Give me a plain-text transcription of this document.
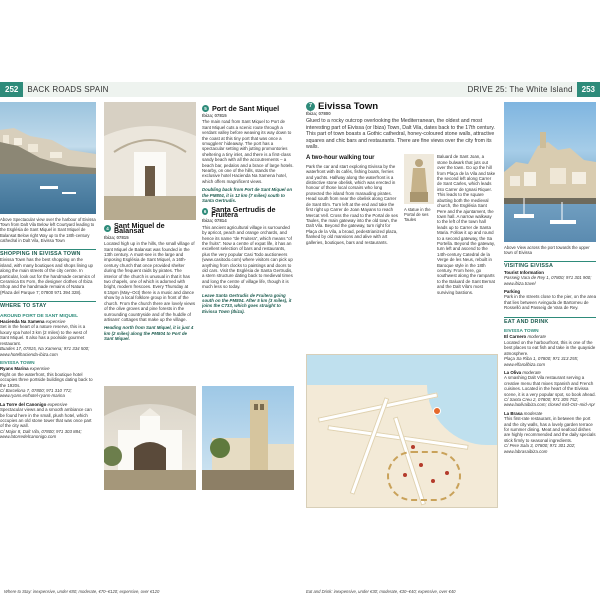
252 BACK ROADS SPAIN
Above Spectacular view over the harbour of Eivissa Town from Dalt Vila Below left Courtyard leading to the Església de Sant Miquel in Sant Miquel de Balansat Below right Way up to the 18th-century cathedral in Dalt Vila, Eivissa Town
SHOPPING IN EIVISSA TOWN
Eivissa Town has the best shopping on the island, with many boutiques and shops lining up along the main streets of the city centre. In particular, look out for the handmade ceramics of Ceramica Es Forn, the designer clothes of Ibiza Shop and the handmade remains of Natura (Plaza del Parque 7; 07800 971 394 328).
WHERE TO STAY
AROUND PORT DE SANT MIQUEL
Hacienda Na Xamena expensive
Set in the heart of a nature reserve, this is a luxury spa hotel 3 km (2 miles) to the west of Sant Miquel. It also has a poolside gourmet restaurant.
Buades 17, 07815, Na Xamena; 971 334 500; www.hotelhacienda-ibiza.com
EIVISSA TOWN
Ryans Marina expensive
Right on the waterfront, this boutique hotel occupies three portside buildings dating back to the 1920s.
C/ Barcelona 7, 07800; 971 310 772; www.ryans.es/hotel-ryans-marina
La Torre del Canonigo expensive
Spectacular views and a smooth ambiance can be found here in the small, plush hotel, which occupies an old stone tower that was once part of the city wall.
C/ Major 8, Dalt Vila, 07800; 971 303 884; www.latorredelcanonigo.com
4 Sant Miquel de Balansat
Ibiza; 07815
Located high up in the hills, the small village of Sant Miquel de Balansat was founded in the 13th century. A must-see is the large and imposing Església de Sant Miquel, a 16th-century church that once provided shelter during the frequent raids by pirates. The interior of the church is unusual in that it has two chapels, one of which is adorned with bright, modern frescoes. Every Thursday at 6:15pm (May–Oct) there is a music and dance show by a local folklore group in front of the church. From the church there are lovely views of the olive groves and pine forests in the surrounding countryside and of the huddle of artisans' cottages that make up the village.
Heading north from Sant Miquel, it is just 4 km (2 miles) along the PM804 to Port de Sant Miquel.
5 Port de Sant Miquel
Ibiza; 07815
The main road from Sant Miquel to Port de Sant Miquel cuts a scenic route through a verdant valley before weaving its way down to the coast at this tiny port that was once a smugglers' hideaway. The port has a spectacular setting with jutting promontories sheltering a tiny inlet, and there is a first-class sandy beach with all the accoutrements – a beach bar, pedalos and a brace of large hotels. Nearby, on one of the hills, stands the exclusive hotel Hacienda Na Xamena hotel, which offers magnificent views.
Doubling back from Port de Sant Miquel on the PM804, it is 12 km (7 miles) south to Santa Gertrudis.
6 Santa Gertrudis de Fruitera
Ibiza; 07814
This ancient agricultural village is surrounded by apricot, peach and orange orchards, and hence its name "de Fruitera", which means "of the fruits". Now a centre of expat life, it has an excellent selection of bars and restaurants, plus the very popular Casi Todo auctioneers (www.casitodo.com) where visitors can pick up anything from clocks to paintings and doors to old cars. Visit the Església de Santa Gertrudis, a stern structure dating back to medieval times and long the centre of village life, though it is much less so today.
Leave Santa Gertrudis de Fruitera going south on the PM804. After 5 km (3 miles), it joins the C733, which goes straight to Eivissa Town (Ibiza).
Where to Stay: inexpensive, under €80; moderate, €70–€120; expensive, over €120
DRIVE 25: The White Island 253
7 Eivissa Town
Ibiza; 07800
Glued to a rocky outcrop overlooking the Mediterranean, the oldest and most interesting part of Eivissa (or Ibiza) Town, Dalt Vila, dates back to the 17th century. This part of town boasts a Gothic cathedral, honey-coloured stone walls, attractive squares and chic bars and restaurants. There are fine views over the city from its walls.
A two-hour walking tour
Park the car and start exploring Eivissa by the waterfront with its cafés, fishing boats, ferries and yachts. Halfway along the waterfront is a distinctive stone obelisk, which was erected in honour of those local corsairs who long protected the island from marauding pirates. Head south from near the obelisk along Carrer de Sant Elm. Turn left at the end and take the first right up Carrer de Joan Mayans to reach Mercat Vell. Cross the road to the Portal de ses Taules, the main gateway into the old town, the Dalt Vila. Beyond the gateway, turn right for Plaça de la Vila, a broad, pedestrianized plaza, flanked by old mansions and alive with art galleries, boutiques, bars and restaurants.
A statue in the Portal de ses Taules
Baluard de Sant Joan, a stone bulwark that juts out over the town. Go up the hill from Plaça de la Vila and take the second left along Carrer de Sant Carles, which leads into Carrer de Ignasi Riquer. This leads to the square abutting both the medieval church, the Església Sant Pere and the ajuntament, the town hall. A narrow walkway to the left of the town hall leads up to Carrer de Santa Maria. Follow it up and round to a second gateway, the Sa Portella. Beyond the gateway, turn left and ascend to the 14th-century Catedral de la Verge de les Neus, rebuilt in Baroque style in the 18th century. From here, go southwest along the ramparts to the Baluard de Sant Bernat and the Dalt Vila's most surviving bastions.
Above View across the port towards the upper town of Eivissa
VISITING EIVISSA
Tourist Information
Passeig Vara de Rey 1, 07800; 971 301 900; www.ibiza.travel
Parking
Park in the streets close to the pier, on the area that lies between Avinguda de Bartomeu de Rosselló and Passeig de Vara de Rey.
EAT AND DRINK
EIVISSA TOWN
El Carnero moderate
Located on the harbourfront, this is one of the best places to eat fish and take in the quayside atmosphere.
Plaça Sa Riba 1, 07800; 971 313 255; www.elfarolibiza.com
La Oliva moderate
A smashing Dalt Vila restaurant serving a creative menu that mixes Spanish and French cuisines. Located in the heart of the Eivissa scene, it is a very popular spot, so book ahead.
C/ Santa Creu 2, 07800; 971 305 752; www.laolivaibiza.com; closed mid-Oct–mid-Apr
La Brasa moderate
This first-rate restaurant, in between the port and the city walls, has a lovely garden terrace for summer dining. Meat and seafood dishes are highly recommended and the daily specials stick firmly to seasonal ingredients.
C/ Pere Sala 3, 07800; 971 301 202; www.labrasaibiza.com
Eat and Drink: inexpensive, under €30; moderate, €30–€40; expensive, over €40
